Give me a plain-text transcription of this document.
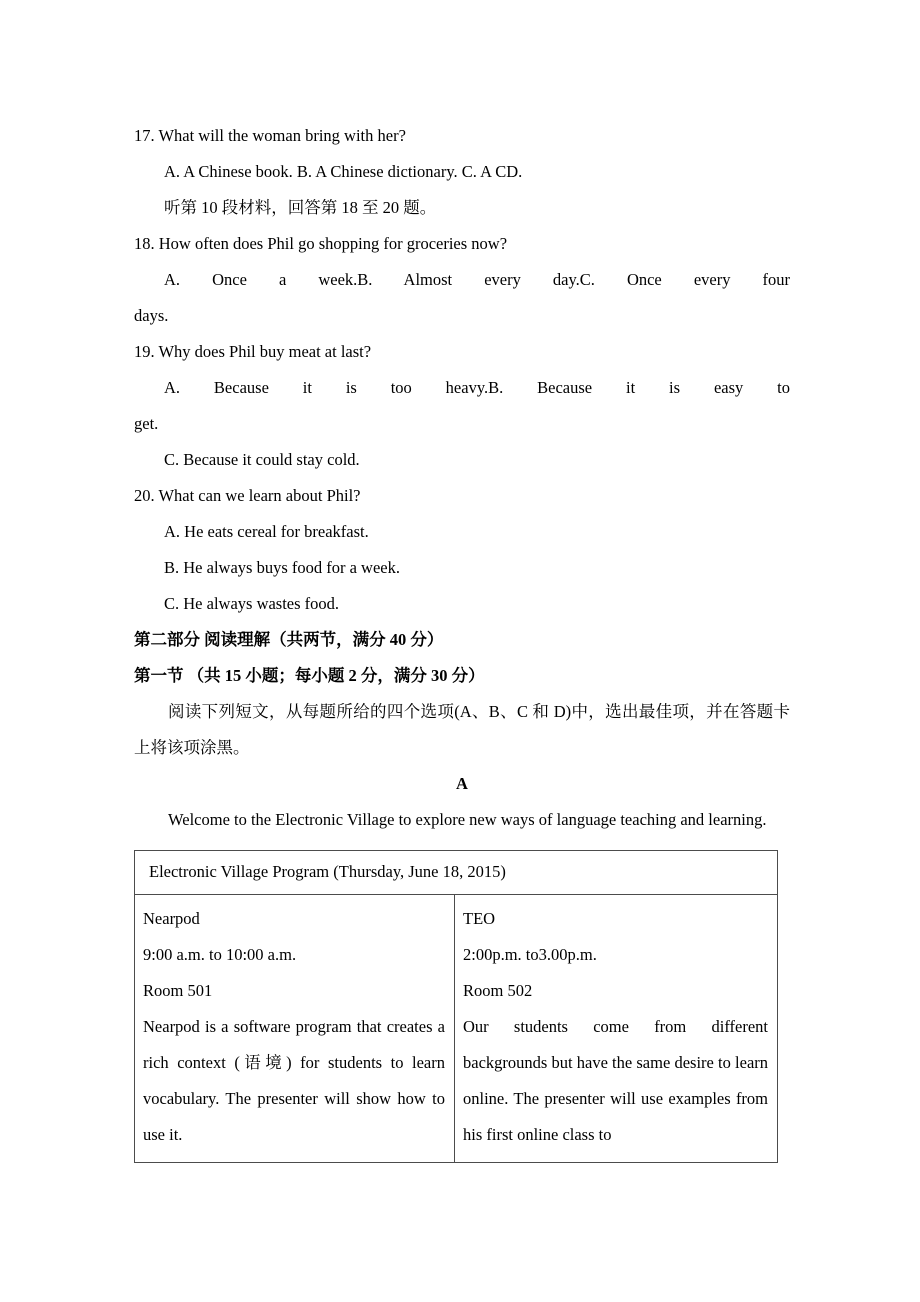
17. What will the woman bring with her?

A. A Chinese book. B. A Chinese dictionary. C. A CD.

听第 10 段材料，回答第 18 至 20 题。

18. How often does Phil go shopping for groceries now?

A. Once a week.B. Almost every day.C. Once every four

days.

19. Why does Phil buy meat at last?

A. Because it is too heavy.B. Because it is easy to

get.

C. Because it could stay cold.

20. What can we learn about Phil?

A. He eats cereal for breakfast.

B. He always buys food for a week.

C. He always wastes food.

第二部分 阅读理解（共两节，满分 40 分）

第一节 （共 15 小题；每小题 2 分，满分 30 分）

阅读下列短文，从每题所给的四个选项(A、B、C 和 D)中，选出最佳项，并在答题卡上将该项涂黑。

A

Welcome to the Electronic Village to explore new ways of language teaching and learning.

Electronic Village Program (Thursday, June 18, 2015)

Nearpod
9:00 a.m. to 10:00 a.m.
Room 501

Nearpod is a software program that creates a rich context (语境) for students to learn vocabulary. The presenter will show how to use it.

TEO
2:00p.m. to3.00p.m.
Room 502

Our students come from different backgrounds but have the same desire to learn online. The presenter will use examples from his first online class to
